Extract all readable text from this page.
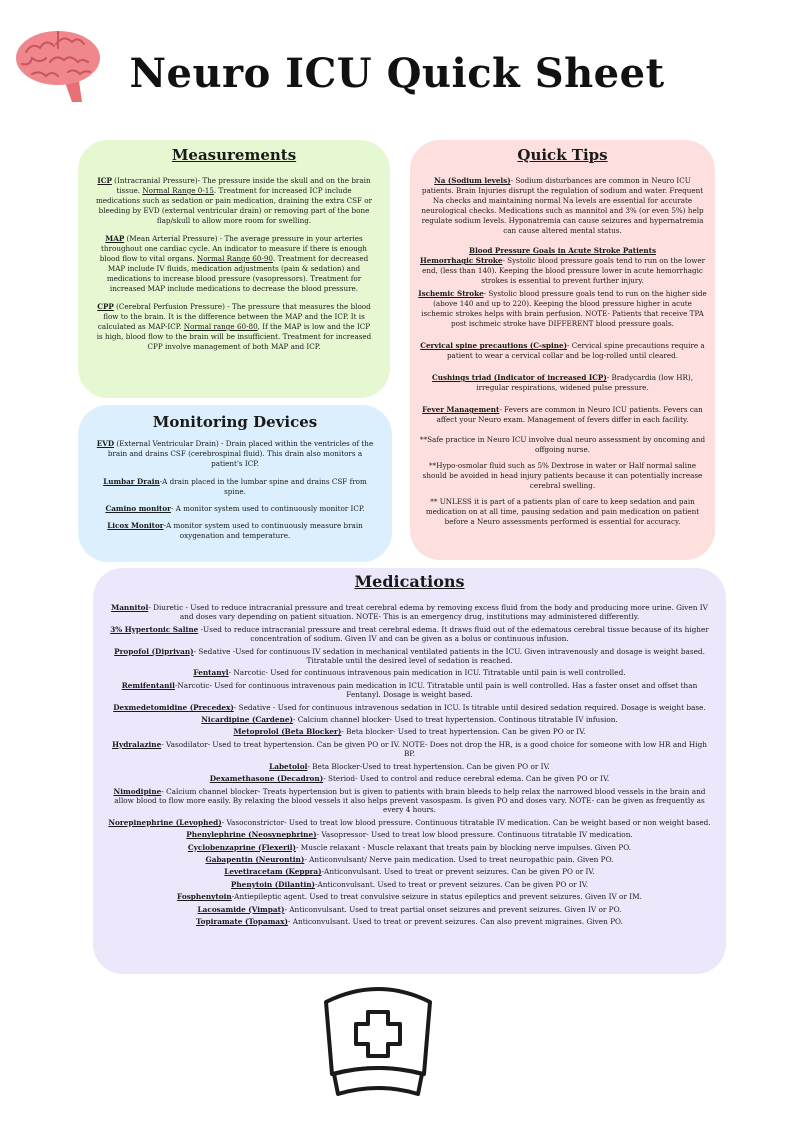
Neuro ICU Quick Sheet

Measurements

ICP (Intracranial Pressure)- The pressure inside the skull and on the brain tissue. Normal Range 0-15. Treatment for increased ICP include medications such as sedation or pain medication, draining the extra CSF or bleeding by EVD (external ventricular drain) or removing part of the bone flap/skull to allow more room for swelling.

MAP (Mean Arterial Pressure) - The average pressure in your arteries throughout one cardiac cycle. An indicator to measure if there is enough blood flow to vital organs. Normal Range 60-90. Treatment for decreased MAP include IV fluids, medication adjustments (pain & sedation) and medications to increase blood pressure (vasopressors). Treatment for increased MAP include medications to decrease the blood pressure.

CPP (Cerebral Perfusion Pressure) - The pressure that measures the blood flow to the brain. It is the difference between the MAP and the ICP. It is calculated as MAP-ICP. Normal range 60-80, If the MAP is low and the ICP is high, blood flow to the brain will be insufficient. Treatment for increased CPP involve management of both MAP and ICP.

Monitoring Devices

EVD (External Ventricular Drain) - Drain placed within the ventricles of the brain and drains CSF (cerebrospinal fluid). This drain also monitors a patient's ICP.

Lumbar Drain-A drain placed in the lumbar spine and drains CSF from spine.

Camino monitor- A monitor system used to continuously monitor ICP.

Licox Monitor-A monitor system used to continuously measure brain oxygenation and temperature.

Quick Tips

Na (Sodium levels)- Sodium disturbances are common in Neuro ICU patients. Brain Injuries disrupt the regulation of sodium and water. Frequent Na checks and maintaining normal Na levels are essential for accurate neurological checks. Medications such as mannitol and 3% (or even 5%) help regulate sodium levels. Hyponatremia can cause seizures and hypernatremia can cause altered mental status.

Blood Pressure Goals in Acute Stroke Patients

Hemorrhagic Stroke- Systolic blood pressure goals tend to run on the lower end, (less than 140). Keeping the blood pressure lower in acute hemorrhagic strokes is essential to prevent further injury.

Ischemic Stroke- Systolic blood pressure goals tend to run on the higher side (above 140 and up to 220). Keeping the blood pressure higher in acute ischemic strokes helps with brain perfusion. NOTE- Patients that receive TPA post ischmeic stroke have DIFFERENT blood pressure goals.

Cervical spine precautions (C-spine)- Cervical spine precautions require a patient to wear a cervical collar and be log-rolled until cleared.

Cushings triad (Indicator of increased ICP)- Bradycardia (low HR), irregular respirations, widened pulse pressure.

Fever Management- Fevers are common in Neuro ICU patients. Fevers can affect your Neuro exam. Management of fevers differ in each facility.

**Safe practice in Neuro ICU involve dual neuro assessment by oncoming and offgoing nurse.

**Hypo-osmolar fluid such as 5% Dextrose in water or Half normal saline should be avoided in head injury patients because it can potentially increase cerebral swelling.

** UNLESS it is part of a patients plan of care to keep sedation and pain medication on at all time, pausing sedation and pain medication on patient before a Neuro assessments performed is essential for accuracy.

Medications

Mannitol- Diuretic - Used to reduce intracranial pressure and treat cerebral edema by removing excess fluid from the body and producing more urine. Given IV and doses vary depending on patient situation. NOTE- This is an emergency drug, institutions may administered differently.

3% Hypertonic Saline -Used to reduce intracranial pressure and treat cerebral edema. It draws fluid out of the edematous cerebral tissue because of its higher concentration of sodium. Given IV and can be given as a bolus or continuous infusion.

Propofol (Diprivan)- Sedative -Used for continuous IV sedation in mechanical ventilated patients in the ICU. Given intravenously and dosage is weight based. Titratable until the desired level of sedation is reached.

Fentanyl- Narcotic- Used for continuous intravenous pain medication in ICU. Titratable until pain is well controlled.

Remifentanil-Narcotic- Used for continuous intravenous pain medication in ICU. Titratable until pain is well controlled. Has a faster onset and offset than Fentanyl. Dosage is weight based.

Dexmedetomidine (Precedex)- Sedative - Used for continuous intravenous sedation in ICU. Is titrable until desired sedation required. Dosage is weight base.

Nicardipine (Cardene)- Calcium channel blocker- Used to treat hypertension. Continous titratable IV infusion.

Metoprolol (Beta Blocker)- Beta blocker- Used to treat hypertension. Can be given PO or IV.

Hydralazine- Vasodilator- Used to treat hypertension. Can be given PO or IV. NOTE- Does not drop the HR, is a good choice for someone with low HR and High BP.

Labetolol- Beta Blocker-Used to treat hypertension. Can be given PO or IV.

Dexamethasone (Decadron)- Steriod- Used to control and reduce cerebral edema. Can be given PO or IV.

Nimodipine- Calcium channel blocker- Treats hypertension but is given to patients with brain bleeds to help relax the narrowed blood vessels in the brain and allow blood to flow more easily. By relaxing the blood vessels it also helps prevent vasospasm. Is given PO and doses vary. NOTE- can be given as frequently as every 4 hours.

Norepinephrine (Levophed)- Vasoconstrictor- Used to treat low blood pressure. Continuous titratable IV medication. Can be weight based or non weight based.

Phenylephrine (Neosynephrine)- Vasopressor- Used to treat low blood pressure. Continuous titratable IV medication.

Cyclobenzaprine (Flexeril)- Muscle relaxant - Muscle relaxant that treats pain by blocking nerve impulses. Given PO.

Gabapentin (Neurontin)- Anticonvulsant/ Nerve pain medication. Used to treat neuropathic pain. Given PO.

Levetiracetam (Keppra)-Anticonvulsant. Used to treat or prevent seizures. Can be given PO or IV.

Phenytoin (Dilantin)-Anticonvulsant. Used to treat or prevent seizures. Can be given PO or IV.

Fosphenytoin-Antiepileptic agent. Used to treat convulsive seizure in status epileptics and prevent seizures. Given IV or IM.

Lacosamide (Vimpat)- Anticonvulsant. Used to treat partial onset seizures and prevent seizures. Given IV or PO.

Topiramate (Topamax)- Anticonvulsant. Used to treat or prevent seizures. Can also prevent migraines. Given PO.
